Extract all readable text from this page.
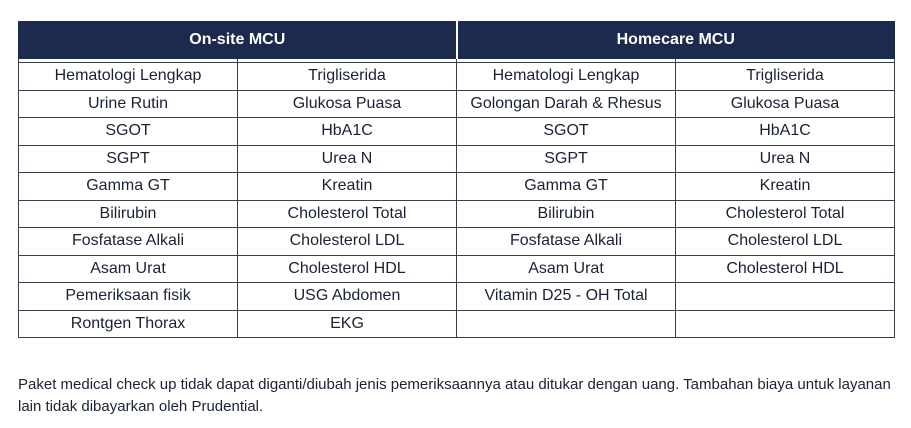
On-site MCU		Homecare MCU	

Hematologi Lengkap	Trigliserida	Hematologi Lengkap	Trigliserida
Urine Rutin	Glukosa Puasa	Golongan Darah & Rhesus	Glukosa Puasa
SGOT	HbA1C	SGOT	HbA1C
SGPT	Urea N	SGPT	Urea N
Gamma GT	Kreatin	Gamma GT	Kreatin
Bilirubin	Cholesterol Total	Bilirubin	Cholesterol Total
Fosfatase Alkali	Cholesterol LDL	Fosfatase Alkali	Cholesterol LDL
Asam Urat	Cholesterol HDL	Asam Urat	Cholesterol HDL
Pemeriksaan fisik	USG Abdomen	Vitamin D25 - OH Total	
Rontgen Thorax	EKG		
Paket medical check up tidak dapat diganti/diubah jenis pemeriksaannya atau ditukar dengan uang. Tambahan biaya untuk layanan lain tidak dibayarkan oleh Prudential.
